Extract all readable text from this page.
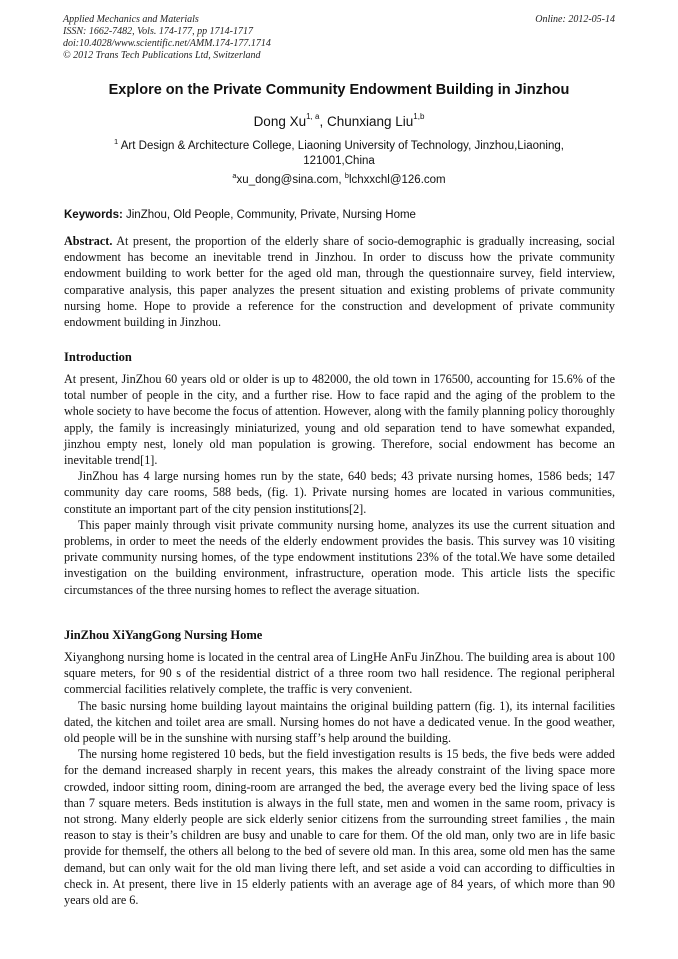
Applied Mechanics and Materials
ISSN: 1662-7482, Vols. 174-177, pp 1714-1717
doi:10.4028/www.scientific.net/AMM.174-177.1714
© 2012 Trans Tech Publications Ltd, Switzerland
Online: 2012-05-14
Explore on the Private Community Endowment Building in Jinzhou
Dong Xu$^{1, a}$, Chunxiang Liu$^{1,b}$
$^1$ Art Design & Architecture College, Liaoning University of Technology, Jinzhou,Liaoning,
121001,China
$^a$xu_dong@sina.com, $^b$lchxxchl@126.com
Keywords: JinZhou, Old People, Community, Private, Nursing Home

Abstract. At present, the proportion of the elderly share of socio-demographic is gradually increasing, social endowment has become an inevitable trend in Jinzhou. In order to discuss how the private community endowment building to work better for the aged old man, through the questionnaire survey, field interview, comparative analysis, this paper analyzes the present situation and existing problems of private community nursing home. Hope to provide a reference for the construction and development of private community endowment building in Jinzhou.

Introduction

At present, JinZhou 60 years old or older is up to 482000, the old town in 176500, accounting for 15.6% of the total number of people in the city, and a further rise. How to face rapid and the aging of the problem to the whole society to have become the focus of attention. However, along with the family planning policy thoroughly apply, the family is increasingly miniaturized, young and old separation tend to have somewhat expanded, jinzhou empty nest, lonely old man population is growing. Therefore, social endowment has become an inevitable trend[1].

JinZhou has 4 large nursing homes run by the state, 640 beds; 43 private nursing homes, 1586 beds; 147 community day care rooms, 588 beds, (fig. 1). Private nursing homes are located in various communities, constitute an important part of the city pension institutions[2].

This paper mainly through visit private community nursing home, analyzes its use the current situation and problems, in order to meet the needs of the elderly endowment provides the basis. This survey was 10 visiting private community nursing homes, of the type endowment institutions 23% of the total.We have some detailed investigation on the building environment, infrastructure, operation mode. This article lists the specific circumstances of the three nursing homes to reflect the average situation.

JinZhou XiYangGong Nursing Home

Xiyanghong nursing home is located in the central area of LingHe AnFu JinZhou. The building area is about 100 square meters, for 90 s of the residential district of a three room two hall residence. The regional peripheral commercial facilities relatively complete, the traffic is very convenient.

The basic nursing home building layout maintains the original building pattern (fig. 1), its internal facilities dated, the kitchen and toilet area are small. Nursing homes do not have a dedicated venue. In the good weather, old people will be in the sunshine with nursing staff’s help around the building.

The nursing home registered 10 beds, but the field investigation results is 15 beds, the five beds were added for the demand increased sharply in recent years, this makes the already constraint of the living space more crowded, indoor sitting room, dining-room are arranged the bed, the average every bed the living space of less than 7 square meters. Beds institution is always in the full state, men and women in the same room, privacy is not strong. Many elderly people are sick elderly senior citizens from the surrounding street families , the main reason to stay is their’s children are busy and unable to care for them. Of the old man, only two are in life basic provide for themself, the others all belong to the bed of severe old man. In this area, some old men has the same demand, but can only wait for the old man living there left, and set aside a void can according to difficulties in check in. At present, there live in 15 elderly patients with an average age of 84 years, of which more than 90 years old are 6.
